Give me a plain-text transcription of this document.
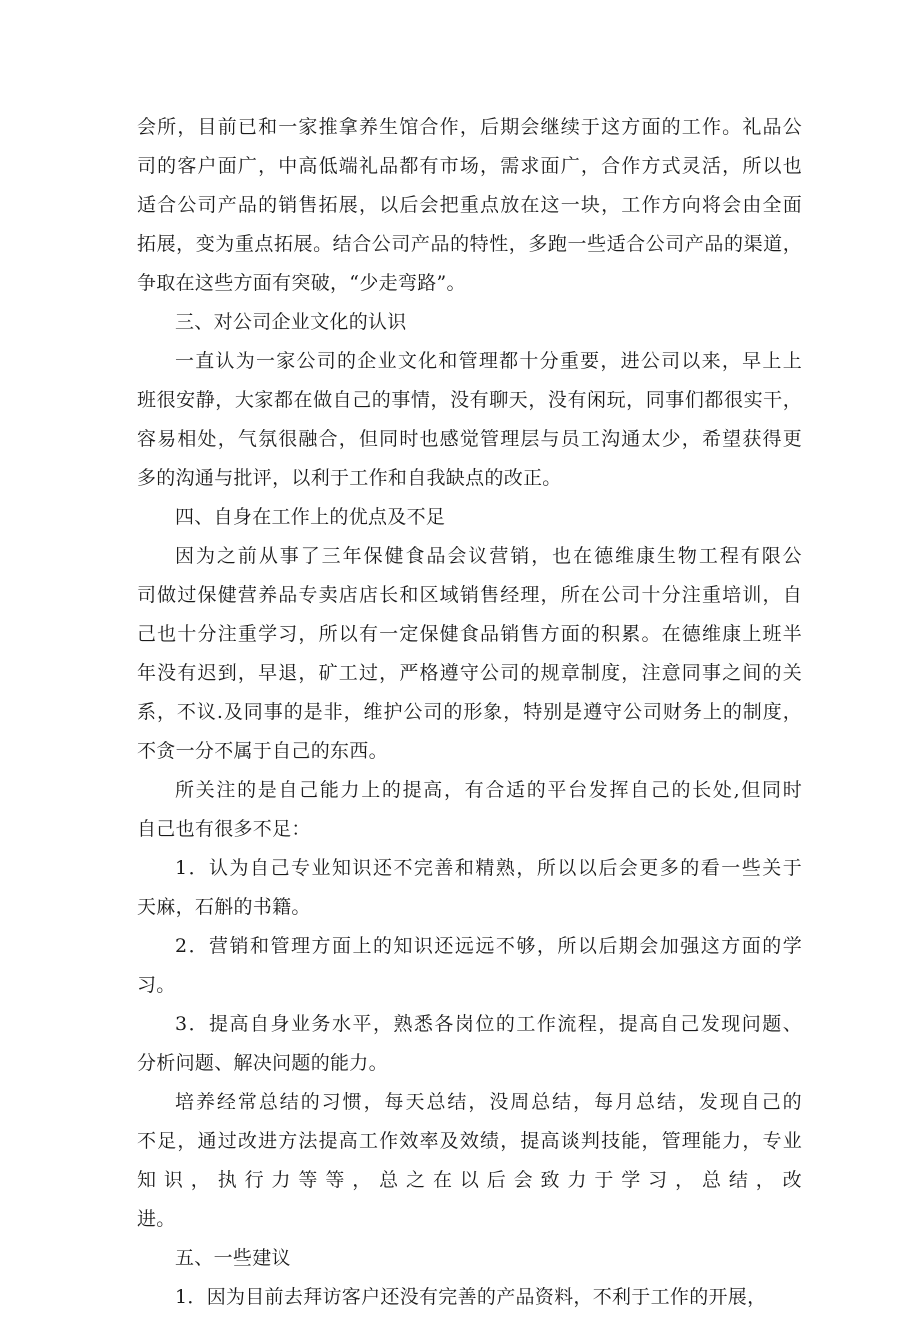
会所，目前已和一家推拿养生馆合作，后期会继续于这方面的工作。礼品公
司的客户面广，中高低端礼品都有市场，需求面广，合作方式灵活，所以也
适合公司产品的销售拓展，以后会把重点放在这一块，工作方向将会由全面
拓展，变为重点拓展。结合公司产品的特性，多跑一些适合公司产品的渠道，
争取在这些方面有突破，“少走弯路”。
三、对公司企业文化的认识
一直认为一家公司的企业文化和管理都十分重要，进公司以来，早上上
班很安静，大家都在做自己的事情，没有聊天，没有闲玩，同事们都很实干，
容易相处，气氛很融合，但同时也感觉管理层与员工沟通太少，希望获得更
多的沟通与批评，以利于工作和自我缺点的改正。
四、自身在工作上的优点及不足
因为之前从事了三年保健食品会议营销，也在德维康生物工程有限公
司做过保健营养品专卖店店长和区域销售经理，所在公司十分注重培训，自
己也十分注重学习，所以有一定保健食品销售方面的积累。在德维康上班半
年没有迟到，早退，矿工过，严格遵守公司的规章制度，注意同事之间的关
系，不议.及同事的是非，维护公司的形象，特别是遵守公司财务上的制度，
不贪一分不属于自己的东西。
所关注的是自己能力上的提高，有合适的平台发挥自己的长处,但同时
自己也有很多不足：
1．认为自己专业知识还不完善和精熟，所以以后会更多的看一些关于
天麻，石斛的书籍。
2．营销和管理方面上的知识还远远不够，所以后期会加强这方面的学
习。
3．提高自身业务水平，熟悉各岗位的工作流程，提高自己发现问题、
分析问题、解决问题的能力。
培养经常总结的习惯，每天总结，没周总结，每月总结，发现自己的
不足，通过改进方法提高工作效率及效绩，提高谈判技能，管理能力，专业
知识，执行力等等，总之在以后会致力于学习，总结，改
进。
五、一些建议
1．因为目前去拜访客户还没有完善的产品资料，不利于工作的开展，
